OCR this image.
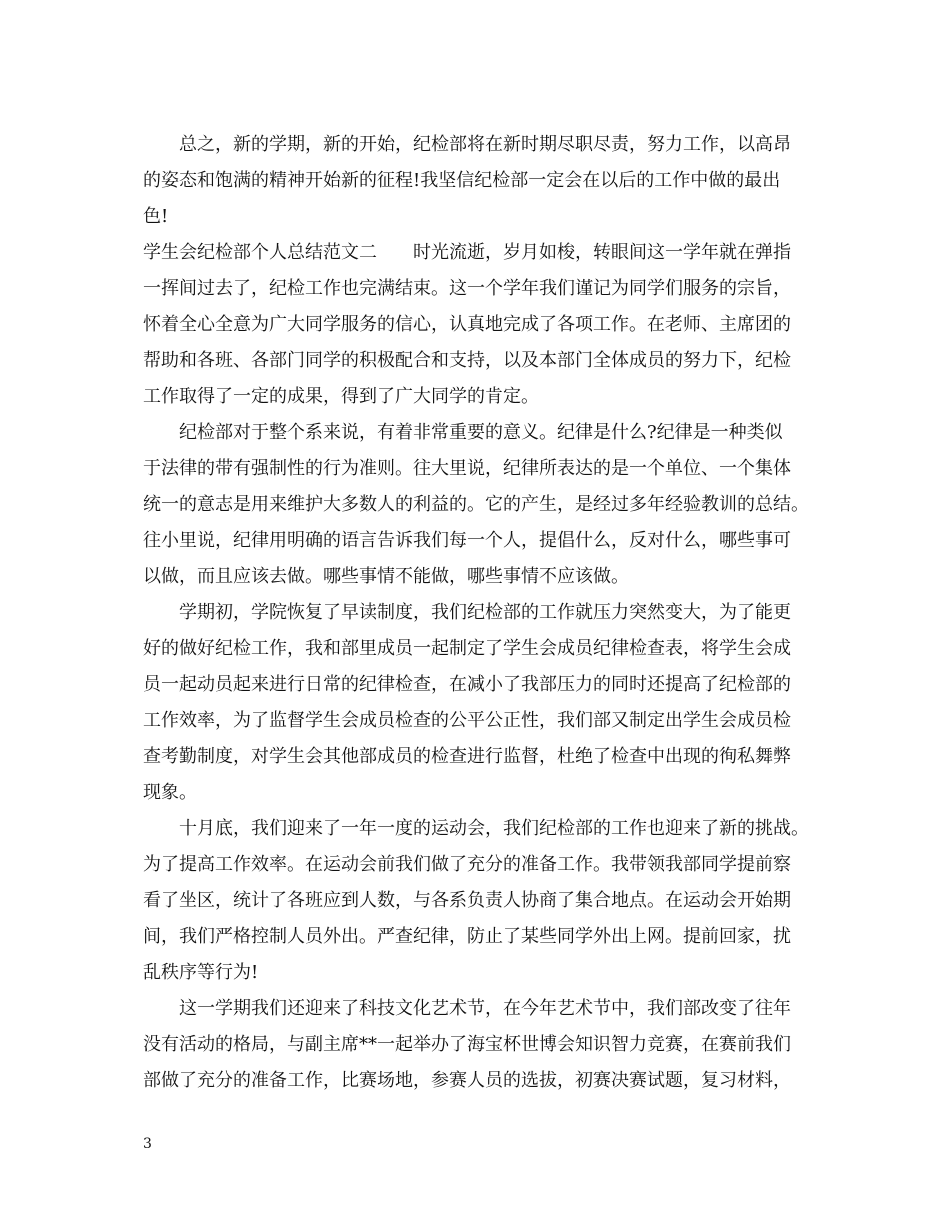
　　总之，新的学期，新的开始，纪检部将在新时期尽职尽责，努力工作，以高昂
的姿态和饱满的精神开始新的征程!我坚信纪检部一定会在以后的工作中做的最出
色!
学生会纪检部个人总结范文二　　时光流逝，岁月如梭，转眼间这一学年就在弹指
一挥间过去了，纪检工作也完满结束。这一个学年我们谨记为同学们服务的宗旨，
怀着全心全意为广大同学服务的信心，认真地完成了各项工作。在老师、主席团的
帮助和各班、各部门同学的积极配合和支持，以及本部门全体成员的努力下，纪检
工作取得了一定的成果，得到了广大同学的肯定。
　　纪检部对于整个系来说，有着非常重要的意义。纪律是什么?纪律是一种类似
于法律的带有强制性的行为准则。往大里说，纪律所表达的是一个单位、一个集体
统一的意志是用来维护大多数人的利益的。它的产生，是经过多年经验教训的总结。
往小里说，纪律用明确的语言告诉我们每一个人，提倡什么，反对什么，哪些事可
以做，而且应该去做。哪些事情不能做，哪些事情不应该做。
　　学期初，学院恢复了早读制度，我们纪检部的工作就压力突然变大，为了能更
好的做好纪检工作，我和部里成员一起制定了学生会成员纪律检查表，将学生会成
员一起动员起来进行日常的纪律检查，在减小了我部压力的同时还提高了纪检部的
工作效率，为了监督学生会成员检查的公平公正性，我们部又制定出学生会成员检
查考勤制度，对学生会其他部成员的检查进行监督，杜绝了检查中出现的徇私舞弊
现象。
　　十月底，我们迎来了一年一度的运动会，我们纪检部的工作也迎来了新的挑战。
为了提高工作效率。在运动会前我们做了充分的准备工作。我带领我部同学提前察
看了坐区，统计了各班应到人数，与各系负责人协商了集合地点。在运动会开始期
间，我们严格控制人员外出。严查纪律，防止了某些同学外出上网。提前回家，扰
乱秩序等行为!
　　这一学期我们还迎来了科技文化艺术节，在今年艺术节中，我们部改变了往年
没有活动的格局，与副主席**一起举办了海宝杯世博会知识智力竞赛，在赛前我们
部做了充分的准备工作，比赛场地，参赛人员的选拔，初赛决赛试题，复习材料，
3
